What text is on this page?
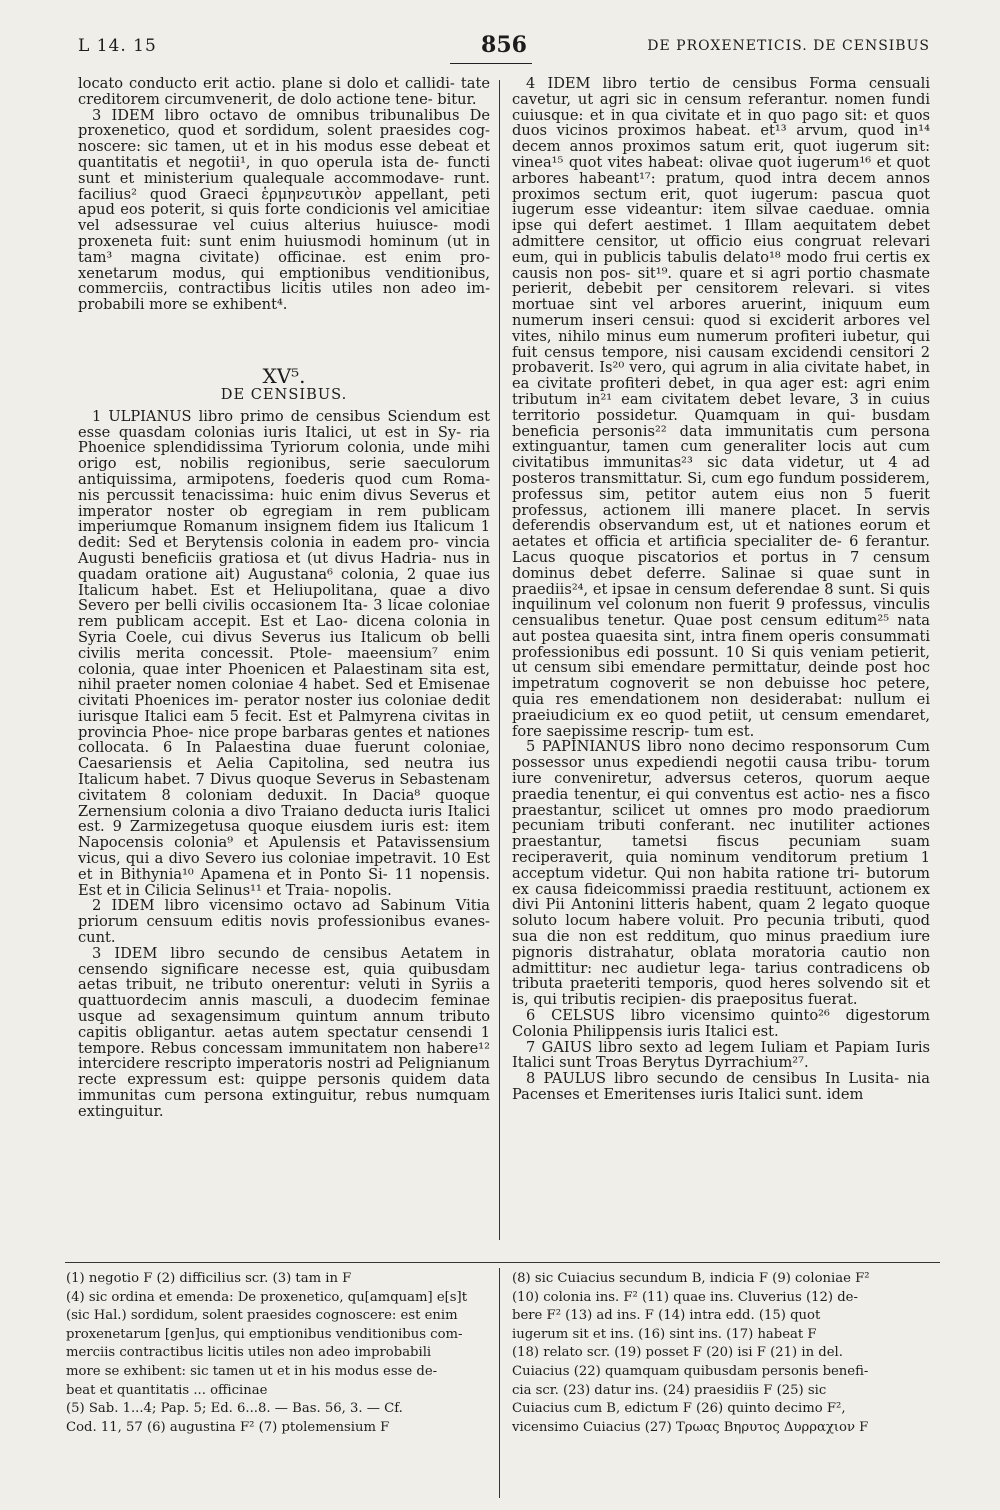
L 14. 15	856	DE PROXENETICIS. DE CENSIBUS

locato conducto erit actio. plane si dolo et callidi- tate creditorem circumvenerit, de dolo actione tene- bitur.

3 IDEM libro octavo de omnibus tribunalibus De proxenetico, quod et sordidum, solent praesides cog- noscere: sic tamen, ut et in his modus esse debeat et quantitatis et negotii¹, in quo operula ista de- functi sunt et ministerium qualequale accommodave- runt. facilius² quod Graeci ἑρμηνευτικὸν appellant, peti apud eos poterit, si quis forte condicionis vel amicitiae vel adsessurae vel cuius alterius huiusce- modi proxeneta fuit: sunt enim huiusmodi hominum (ut in tam³ magna civitate) officinae. est enim pro- xenetarum modus, qui emptionibus venditionibus, commerciis, contractibus licitis utiles non adeo im- probabili more se exhibent⁴.

XV⁵.

DE CENSIBUS.

1 ULPIANUS libro primo de censibus Sciendum est esse quasdam colonias iuris Italici, ut est in Sy- ria Phoenice splendidissima Tyriorum colonia, unde mihi origo est, nobilis regionibus, serie saeculorum antiquissima, armipotens, foederis quod cum Roma- nis percussit tenacissima: huic enim divus Severus et imperator noster ob egregiam in rem publicam imperiumque Romanum insignem fidem ius Italicum 1 dedit: Sed et Berytensis colonia in eadem pro- vincia Augusti beneficiis gratiosa et (ut divus Hadria- nus in quadam oratione ait) Augustana⁶ colonia, 2 quae ius Italicum habet. Est et Heliupolitana, quae a divo Severo per belli civilis occasionem Ita- 3 licae coloniae rem publicam accepit. Est et Lao- dicena colonia in Syria Coele, cui divus Severus ius Italicum ob belli civilis merita concessit. Ptole- maeensium⁷ enim colonia, quae inter Phoenicen et Palaestinam sita est, nihil praeter nomen coloniae 4 habet. Sed et Emisenae civitati Phoenices im- perator noster ius coloniae dedit iurisque Italici eam 5 fecit. Est et Palmyrena civitas in provincia Phoe- nice prope barbaras gentes et nationes collocata. 6 In Palaestina duae fuerunt coloniae, Caesariensis et Aelia Capitolina, sed neutra ius Italicum habet. 7 Divus quoque Severus in Sebastenam civitatem 8 coloniam deduxit. In Dacia⁸ quoque Zernensium colonia a divo Traiano deducta iuris Italici est. 9 Zarmizegetusa quoque eiusdem iuris est: item Napocensis colonia⁹ et Apulensis et Patavissensium vicus, qui a divo Severo ius coloniae impetravit. 10 Est et in Bithynia¹⁰ Apamena et in Ponto Si- 11 nopensis. Est et in Cilicia Selinus¹¹ et Traia- nopolis.

2 IDEM libro vicensimo octavo ad Sabinum Vitia priorum censuum editis novis professionibus evanes- cunt.

3 IDEM libro secundo de censibus Aetatem in censendo significare necesse est, quia quibusdam aetas tribuit, ne tributo onerentur: veluti in Syriis a quattuordecim annis masculi, a duodecim feminae usque ad sexagensimum quintum annum tributo capitis obligantur. aetas autem spectatur censendi 1 tempore. Rebus concessam immunitatem non habere¹² intercidere rescripto imperatoris nostri ad Pelignianum recte expressum est: quippe personis quidem data immunitas cum persona extinguitur, rebus numquam extinguitur.

4 IDEM libro tertio de censibus Forma censuali cavetur, ut agri sic in censum referantur. nomen fundi cuiusque: et in qua civitate et in quo pago sit: et quos duos vicinos proximos habeat. et¹³ arvum, quod in¹⁴ decem annos proximos satum erit, quot iugerum sit: vinea¹⁵ quot vites habeat: olivae quot iugerum¹⁶ et quot arbores habeant¹⁷: pratum, quod intra decem annos proximos sectum erit, quot iugerum: pascua quot iugerum esse videantur: item silvae caeduae. omnia ipse qui defert aestimet. 1 Illam aequitatem debet admittere censitor, ut officio eius congruat relevari eum, qui in publicis tabulis delato¹⁸ modo frui certis ex causis non pos- sit¹⁹. quare et si agri portio chasmate perierit, debebit per censitorem relevari. si vites mortuae sint vel arbores aruerint, iniquum eum numerum inseri censui: quod si exciderit arbores vel vites, nihilo minus eum numerum profiteri iubetur, qui fuit census tempore, nisi causam excidendi censitori 2 probaverit. Is²⁰ vero, qui agrum in alia civitate habet, in ea civitate profiteri debet, in qua ager est: agri enim tributum in²¹ eam civitatem debet levare, 3 in cuius territorio possidetur. Quamquam in qui- busdam beneficia personis²² data immunitatis cum persona extinguantur, tamen cum generaliter locis aut cum civitatibus immunitas²³ sic data videtur, ut 4 ad posteros transmittatur. Si, cum ego fundum possiderem, professus sim, petitor autem eius non 5 fuerit professus, actionem illi manere placet. In servis deferendis observandum est, ut et nationes eorum et aetates et officia et artificia specialiter de- 6 ferantur. Lacus quoque piscatorios et portus in 7 censum dominus debet deferre. Salinae si quae sunt in praediis²⁴, et ipsae in censum deferendae 8 sunt. Si quis inquilinum vel colonum non fuerit 9 professus, vinculis censualibus tenetur. Quae post censum editum²⁵ nata aut postea quaesita sint, intra finem operis consummati professionibus edi possunt. 10 Si quis veniam petierit, ut censum sibi emendare permittatur, deinde post hoc impetratum cognoverit se non debuisse hoc petere, quia res emendationem non desiderabat: nullum ei praeiudicium ex eo quod petiit, ut censum emendaret, fore saepissime rescrip- tum est.

5 PAPINIANUS libro nono decimo responsorum Cum possessor unus expediendi negotii causa tribu- torum iure conveniretur, adversus ceteros, quorum aeque praedia tenentur, ei qui conventus est actio- nes a fisco praestantur, scilicet ut omnes pro modo praediorum pecuniam tributi conferant. nec inutiliter actiones praestantur, tametsi fiscus pecuniam suam reciperaverit, quia nominum venditorum pretium 1 acceptum videtur. Qui non habita ratione tri- butorum ex causa fideicommissi praedia restituunt, actionem ex divi Pii Antonini litteris habent, quam 2 legato quoque soluto locum habere voluit. Pro pecunia tributi, quod sua die non est redditum, quo minus praedium iure pignoris distrahatur, oblata moratoria cautio non admittitur: nec audietur lega- tarius contradicens ob tributa praeteriti temporis, quod heres solvendo sit et is, qui tributis recipien- dis praepositus fuerat.

6 CELSUS libro vicensimo quinto²⁶ digestorum Colonia Philippensis iuris Italici est.

7 GAIUS libro sexto ad legem Iuliam et Papiam Iuris Italici sunt Troas Berytus Dyrrachium²⁷.

8 PAULUS libro secundo de censibus In Lusita- nia Pacenses et Emeritenses iuris Italici sunt. idem

(1) negotio F (2) difficilius scr. (3) tam in F

(4) sic ordina et emenda: De proxenetico, qu[amquam] e[s]t

(sic Hal.) sordidum, solent praesides cognoscere: est enim

proxenetarum [gen]us, qui emptionibus venditionibus com-

merciis contractibus licitis utiles non adeo improbabili

more se exhibent: sic tamen ut et in his modus esse de-

beat et quantitatis ... officinae

(5) Sab. 1...4; Pap. 5; Ed. 6...8. — Bas. 56, 3. — Cf.

Cod. 11, 57 (6) augustina F² (7) ptolemensium F

(8) sic Cuiacius secundum B, indicia F (9) coloniae F²

(10) colonia ins. F² (11) quae ins. Cluverius (12) de-

bere F² (13) ad ins. F (14) intra edd. (15) quot

iugerum sit et ins. (16) sint ins. (17) habeat F

(18) relato scr. (19) posset F (20) isi F (21) in del.

Cuiacius (22) quamquam quibusdam personis benefi-

cia scr. (23) datur ins. (24) praesidiis F (25) sic

Cuiacius cum B, edictum F (26) quinto decimo F²,

vicensimo Cuiacius (27) Τρωας Βηρυτος Δυρραχιον F
